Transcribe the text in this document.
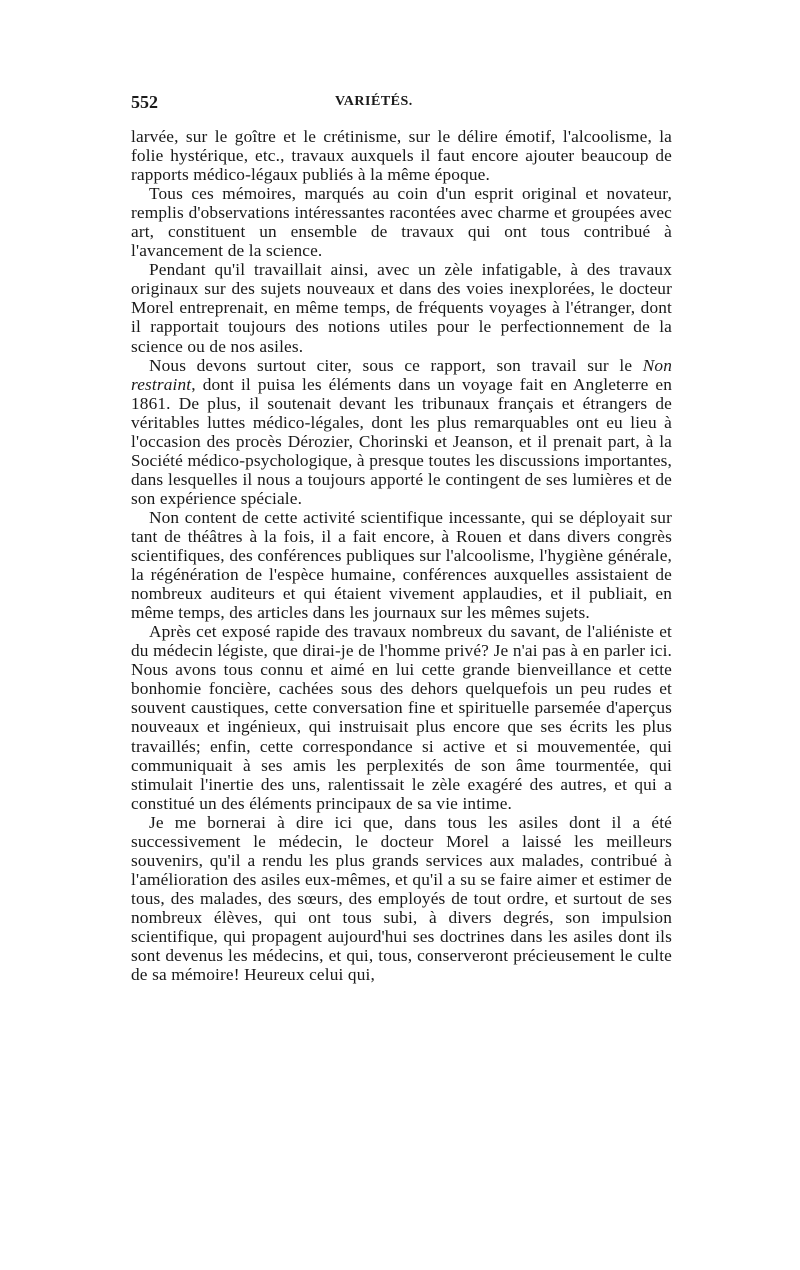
552	VARIÉTÉS.

larvée, sur le goître et le crétinisme, sur le délire émotif, l'alcoolisme, la folie hystérique, etc., travaux auxquels il faut encore ajouter beaucoup de rapports médico-légaux publiés à la même époque.

Tous ces mémoires, marqués au coin d'un esprit original et novateur, remplis d'observations intéressantes racontées avec charme et groupées avec art, constituent un ensemble de travaux qui ont tous contribué à l'avancement de la science.

Pendant qu'il travaillait ainsi, avec un zèle infatigable, à des travaux originaux sur des sujets nouveaux et dans des voies inexplorées, le docteur Morel entreprenait, en même temps, de fréquents voyages à l'étranger, dont il rapportait toujours des notions utiles pour le perfectionnement de la science ou de nos asiles.

Nous devons surtout citer, sous ce rapport, son travail sur le Non restraint, dont il puisa les éléments dans un voyage fait en Angleterre en 1861. De plus, il soutenait devant les tribunaux français et étrangers de véritables luttes médico-légales, dont les plus remarquables ont eu lieu à l'occasion des procès Dérozier, Chorinski et Jeanson, et il prenait part, à la Société médico-psychologique, à presque toutes les discussions importantes, dans lesquelles il nous a toujours apporté le contingent de ses lumières et de son expérience spéciale.

Non content de cette activité scientifique incessante, qui se déployait sur tant de théâtres à la fois, il a fait encore, à Rouen et dans divers congrès scientifiques, des conférences publiques sur l'alcoolisme, l'hygiène générale, la régénération de l'espèce humaine, conférences auxquelles assistaient de nombreux auditeurs et qui étaient vivement applaudies, et il publiait, en même temps, des articles dans les journaux sur les mêmes sujets.

Après cet exposé rapide des travaux nombreux du savant, de l'aliéniste et du médecin légiste, que dirai-je de l'homme privé? Je n'ai pas à en parler ici. Nous avons tous connu et aimé en lui cette grande bienveillance et cette bonhomie foncière, cachées sous des dehors quelquefois un peu rudes et souvent caustiques, cette conversation fine et spirituelle parsemée d'aperçus nouveaux et ingénieux, qui instruisait plus encore que ses écrits les plus travaillés; enfin, cette correspondance si active et si mouvementée, qui communiquait à ses amis les perplexités de son âme tourmentée, qui stimulait l'inertie des uns, ralentissait le zèle exagéré des autres, et qui a constitué un des éléments principaux de sa vie intime.

Je me bornerai à dire ici que, dans tous les asiles dont il a été successivement le médecin, le docteur Morel a laissé les meilleurs souvenirs, qu'il a rendu les plus grands services aux malades, contribué à l'amélioration des asiles eux-mêmes, et qu'il a su se faire aimer et estimer de tous, des malades, des sœurs, des employés de tout ordre, et surtout de ses nombreux élèves, qui ont tous subi, à divers degrés, son impulsion scientifique, qui propagent aujourd'hui ses doctrines dans les asiles dont ils sont devenus les médecins, et qui, tous, conserveront précieusement le culte de sa mémoire! Heureux celui qui,
